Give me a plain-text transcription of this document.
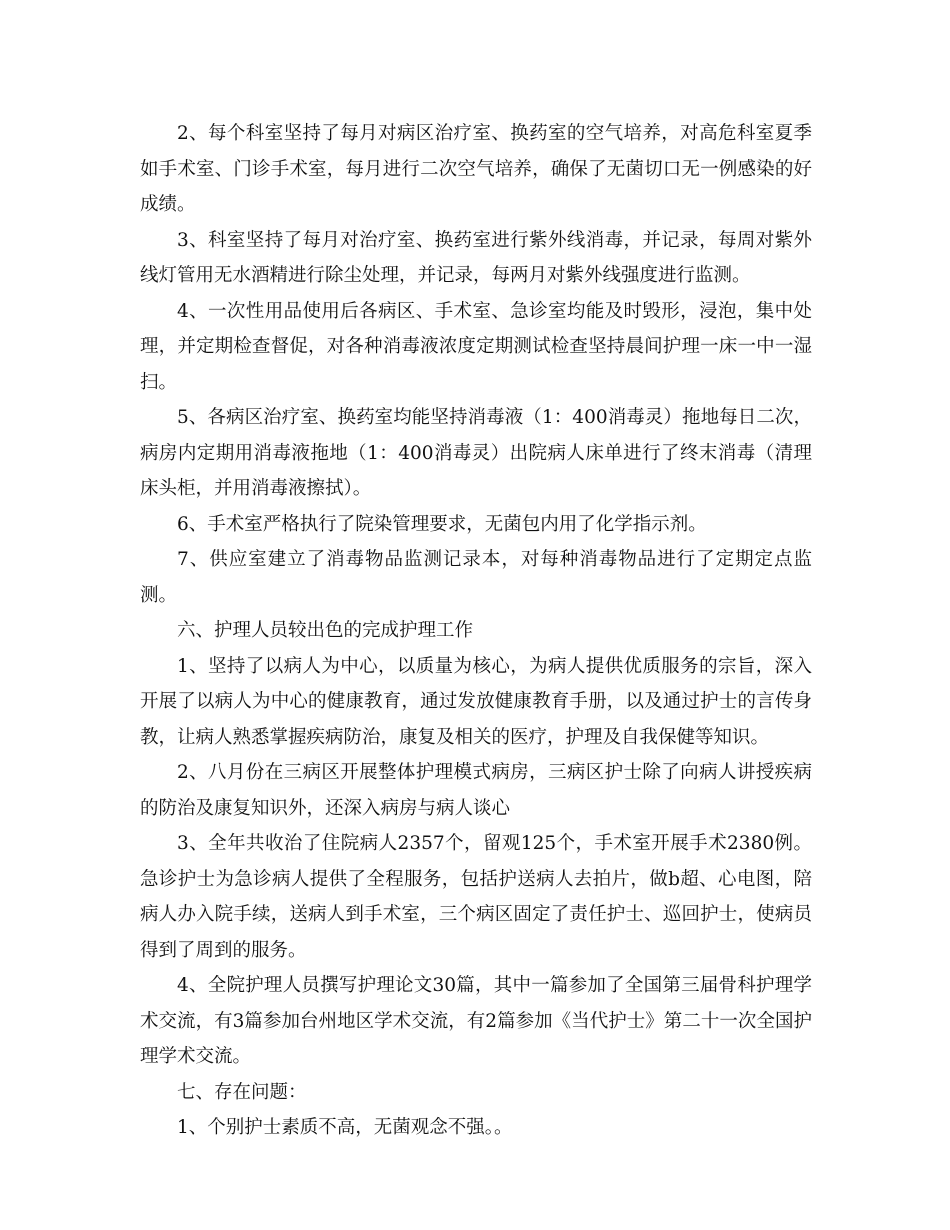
2、每个科室坚持了每月对病区治疗室、换药室的空气培养，对高危科室夏季如手术室、门诊手术室，每月进行二次空气培养，确保了无菌切口无一例感染的好成绩。

3、科室坚持了每月对治疗室、换药室进行紫外线消毒，并记录，每周对紫外线灯管用无水酒精进行除尘处理，并记录，每两月对紫外线强度进行监测。

4、一次性用品使用后各病区、手术室、急诊室均能及时毁形，浸泡，集中处理，并定期检查督促，对各种消毒液浓度定期测试检查坚持晨间护理一床一中一湿扫。

5、各病区治疗室、换药室均能坚持消毒液（1：400消毒灵）拖地每日二次，病房内定期用消毒液拖地（1：400消毒灵）出院病人床单进行了终末消毒（清理床头柜，并用消毒液擦拭）。

6、手术室严格执行了院染管理要求，无菌包内用了化学指示剂。

7、供应室建立了消毒物品监测记录本，对每种消毒物品进行了定期定点监测。

六、护理人员较出色的完成护理工作

1、坚持了以病人为中心，以质量为核心，为病人提供优质服务的宗旨，深入开展了以病人为中心的健康教育，通过发放健康教育手册，以及通过护士的言传身教，让病人熟悉掌握疾病防治，康复及相关的医疗，护理及自我保健等知识。

2、八月份在三病区开展整体护理模式病房，三病区护士除了向病人讲授疾病的防治及康复知识外，还深入病房与病人谈心

3、全年共收治了住院病人2357个，留观125个，手术室开展手术2380例。急诊护士为急诊病人提供了全程服务，包括护送病人去拍片，做b超、心电图，陪病人办入院手续，送病人到手术室，三个病区固定了责任护士、巡回护士，使病员得到了周到的服务。

4、全院护理人员撰写护理论文30篇，其中一篇参加了全国第三届骨科护理学术交流，有3篇参加台州地区学术交流，有2篇参加《当代护士》第二十一次全国护理学术交流。

七、存在问题：

1、个别护士素质不高，无菌观念不强。。
